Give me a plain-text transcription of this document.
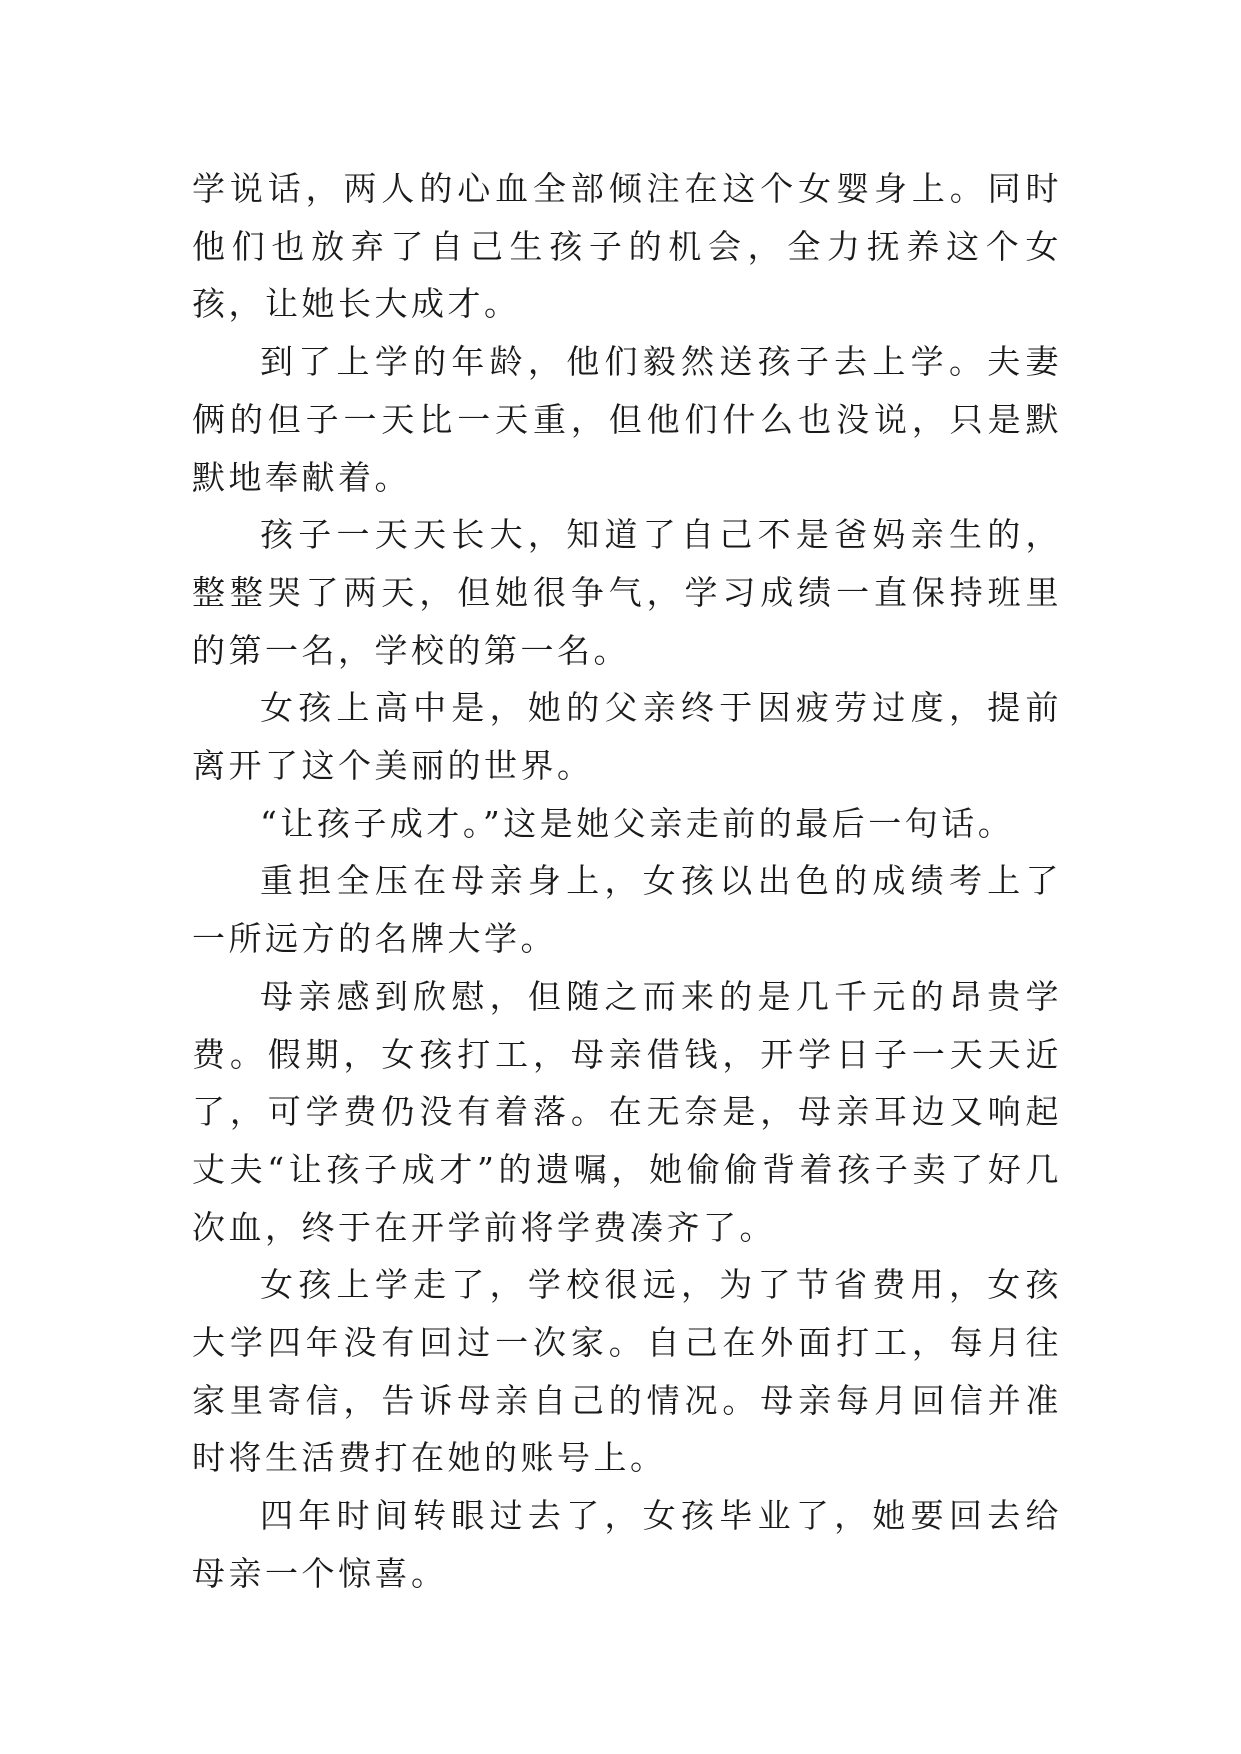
学说话，两人的心血全部倾注在这个女婴身上。同时他们也放弃了自己生孩子的机会，全力抚养这个女孩，让她长大成才。

到了上学的年龄，他们毅然送孩子去上学。夫妻俩的但子一天比一天重，但他们什么也没说，只是默默地奉献着。

孩子一天天长大，知道了自己不是爸妈亲生的，整整哭了两天，但她很争气，学习成绩一直保持班里的第一名，学校的第一名。

女孩上高中是，她的父亲终于因疲劳过度，提前离开了这个美丽的世界。

“让孩子成才。”这是她父亲走前的最后一句话。

重担全压在母亲身上，女孩以出色的成绩考上了一所远方的名牌大学。

母亲感到欣慰，但随之而来的是几千元的昂贵学费。假期，女孩打工，母亲借钱，开学日子一天天近了，可学费仍没有着落。在无奈是，母亲耳边又响起丈夫“让孩子成才”的遗嘱，她偷偷背着孩子卖了好几次血，终于在开学前将学费凑齐了。

女孩上学走了，学校很远，为了节省费用，女孩大学四年没有回过一次家。自己在外面打工，每月往家里寄信，告诉母亲自己的情况。母亲每月回信并准时将生活费打在她的账号上。

四年时间转眼过去了，女孩毕业了，她要回去给母亲一个惊喜。
